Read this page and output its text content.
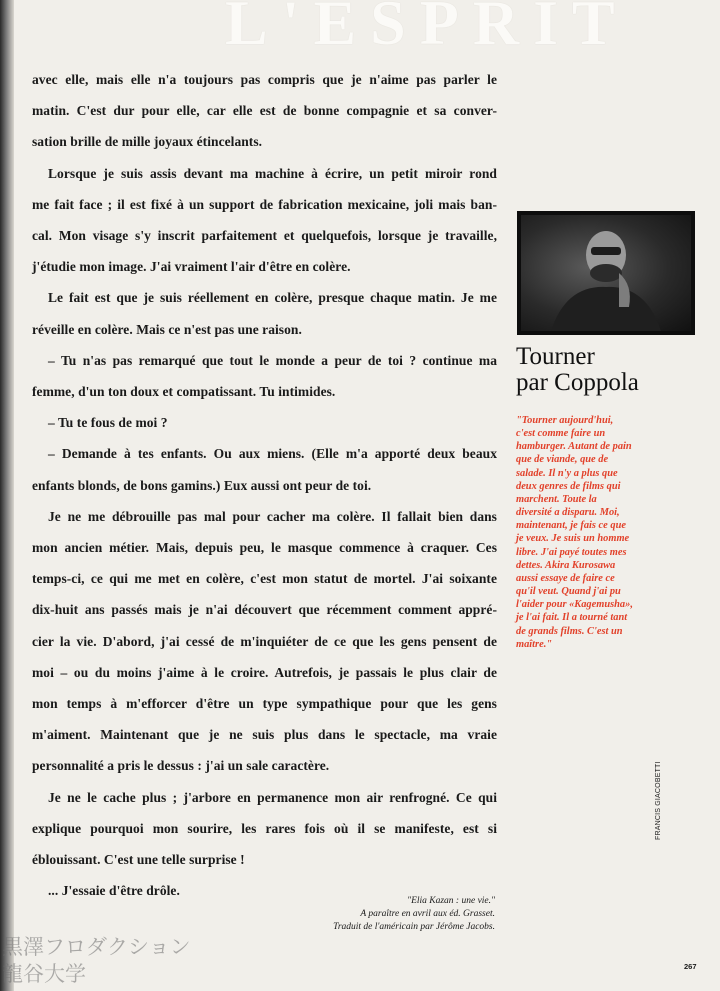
L'ESPRIT

avec elle, mais elle n'a toujours pas compris que je n'aime pas parler le
matin. C'est dur pour elle, car elle est de bonne compagnie et sa conver-
sation brille de mille joyaux étincelants.

Lorsque je suis assis devant ma machine à écrire, un petit miroir rond
me fait face ; il est fixé à un support de fabrication mexicaine, joli mais ban-
cal. Mon visage s'y inscrit parfaitement et quelquefois, lorsque je travaille,
j'étudie mon image. J'ai vraiment l'air d'être en colère.

Le fait est que je suis réellement en colère, presque chaque matin. Je me
réveille en colère. Mais ce n'est pas une raison.

– Tu n'as pas remarqué que tout le monde a peur de toi ? continue ma
femme, d'un ton doux et compatissant. Tu intimides.

– Tu te fous de moi ?

– Demande à tes enfants. Ou aux miens. (Elle m'a apporté deux beaux
enfants blonds, de bons gamins.) Eux aussi ont peur de toi.

Je ne me débrouille pas mal pour cacher ma colère. Il fallait bien dans
mon ancien métier. Mais, depuis peu, le masque commence à craquer. Ces
temps-ci, ce qui me met en colère, c'est mon statut de mortel. J'ai soixante
dix-huit ans passés mais je n'ai découvert que récemment comment appré-
cier la vie. D'abord, j'ai cessé de m'inquiéter de ce que les gens pensent de
moi – ou du moins j'aime à le croire. Autrefois, je passais le plus clair de
mon temps à m'efforcer d'être un type sympathique pour que les gens
m'aiment. Maintenant que je ne suis plus dans le spectacle, ma vraie
personnalité a pris le dessus : j'ai un sale caractère.

Je ne le cache plus ; j'arbore en permanence mon air renfrogné. Ce qui
explique pourquoi mon sourire, les rares fois où il se manifeste, est si
éblouissant. C'est une telle surprise !

... J'essaie d'être drôle.

"Elia Kazan : une vie."
A paraître en avril aux éd. Grasset.
Traduit de l'américain par Jérôme Jacobs.
Tourner
par Coppola
"Tourner aujourd'hui,
c'est comme faire un
hamburger. Autant de pain
que de viande, que de
salade. Il n'y a plus que
deux genres de films qui
marchent. Toute la
diversité a disparu. Moi,
maintenant, je fais ce que
je veux. Je suis un homme
libre. J'ai payé toutes mes
dettes. Akira Kurosawa
aussi essaye de faire ce
qu'il veut. Quand j'ai pu
l'aider pour «Kagemusha»,
je l'ai fait. Il a tourné tant
de grands films. C'est un
maître."
FRANCIS GIACOBETTI
267
黒澤フロダクション
龍谷大学
